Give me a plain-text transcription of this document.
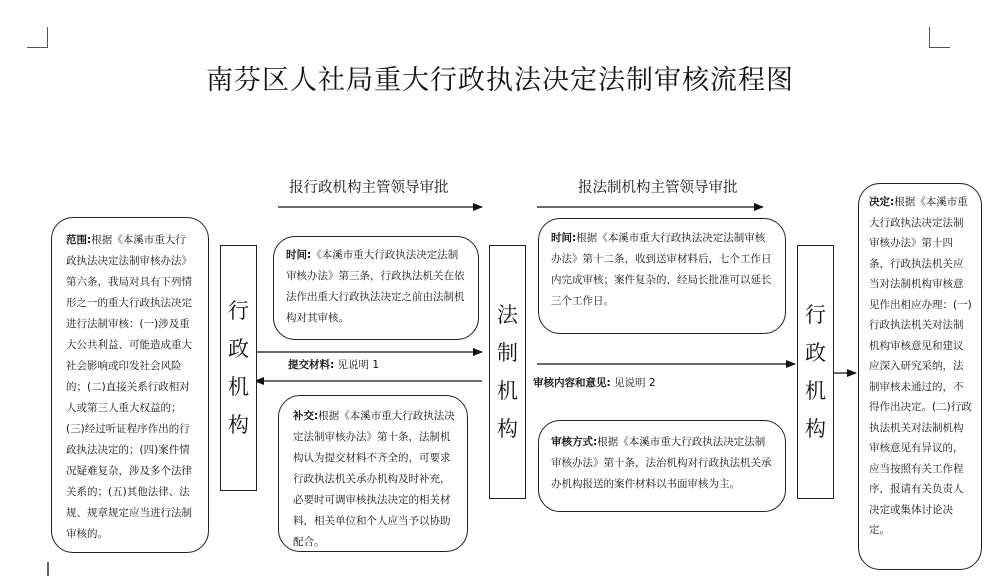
南芬区人社局重大行政执法决定法制审核流程图
报行政机构主管领导审批	报法制机构主管领导审批
范围:根据《本溪市重大行政执法决定法制审核办法》第六条，我局对具有下列情形之一的重大行政执法决定进行法制审核：(一)涉及重大公共利益、可能造成重大社会影响或印发社会风险的；(二)直接关系行政相对人或第三人重大权益的；(三)经过听证程序作出的行政执法决定的；(四)案件情况疑难复杂，涉及多个法律关系的；(五)其他法律、法规、规章规定应当进行法制审核的。
行
政
机
构
时间:《本溪市重大行政执法决定法制审核办法》第三条，行政执法机关在依法作出重大行政执法决定之前由法制机构对其审核。
提交材料: 见说明 1
补交:根据《本溪市重大行政执法决定法制审核办法》第十条，法制机构认为提交材料不齐全的，可要求行政执法机关承办机构及时补充，必要时可调审核执法决定的相关材料，相关单位和个人应当予以协助配合。
法
制
机
构
时间:根据《本溪市重大行政执法决定法制审核办法》第十二条，收到送审材料后，七个工作日内完成审核；案件复杂的，经局长批准可以延长三个工作日。
审核内容和意见: 见说明 2
审核方式:根据《本溪市重大行政执法决定法制审核办法》第十条，法治机构对行政执法机关承办机构报送的案件材料以书面审核为主。
行
政
机
构
决定:根据《本溪市重大行政执法决定法制审核办法》第十四条，行政执法机关应当对法制机构审核意见作出相应办理：(一)行政执法机关对法制机构审核意见和建议应深入研究采纳，法制审核未通过的，不得作出决定。(二)行政执法机关对法制机构审核意见有异议的，应当按照有关工作程序，报请有关负责人决定或集体讨论决定。
